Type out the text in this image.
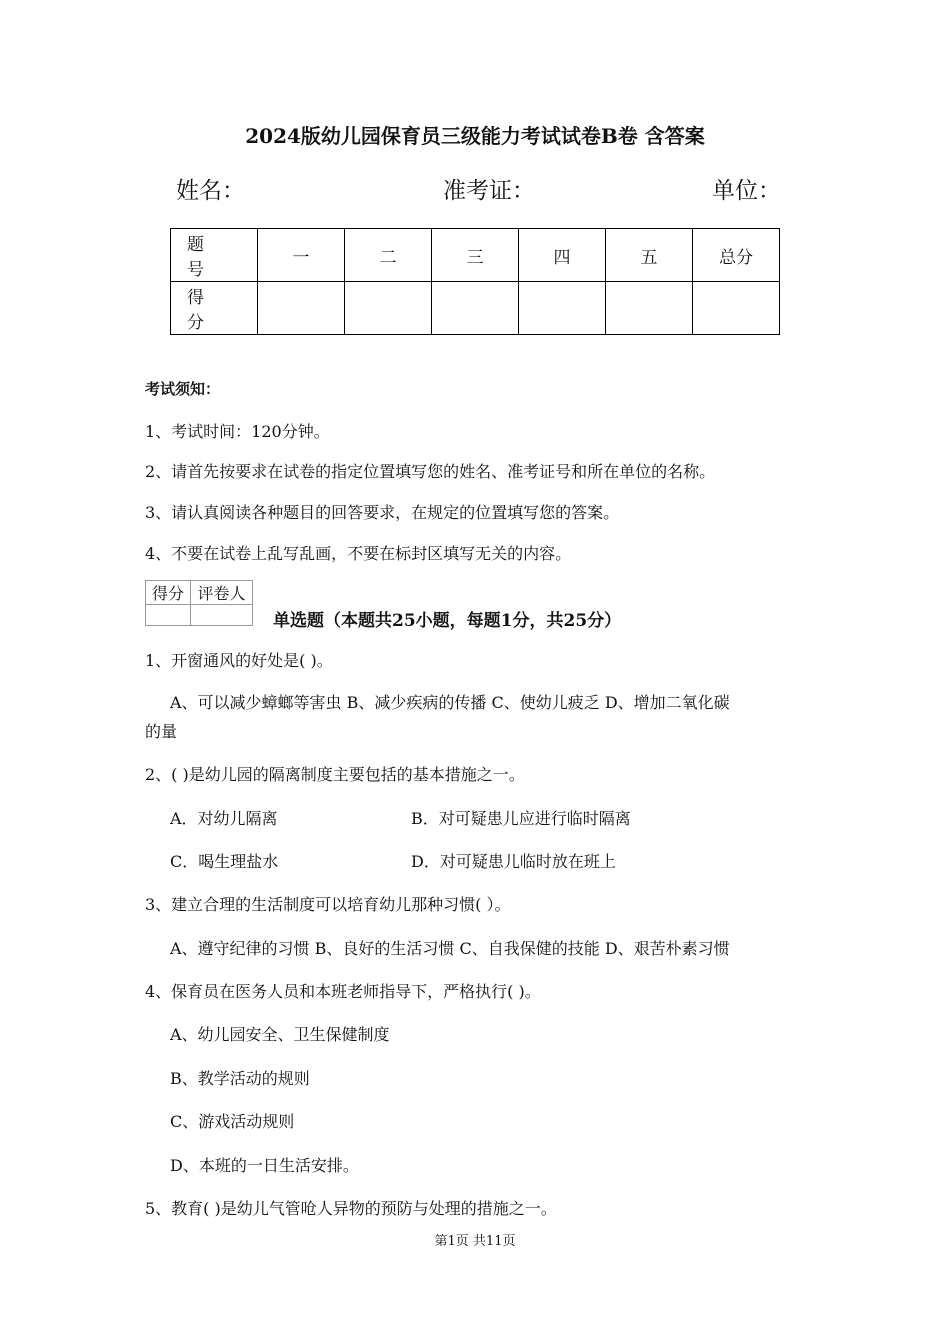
2024版幼儿园保育员三级能力考试试卷B卷 含答案
姓名：	准考证：	单位：
题 号	一	二	三	四	五	总分
得 分						
考试须知：
1、考试时间：120分钟。
2、请首先按要求在试卷的指定位置填写您的姓名、准考证号和所在单位的名称。
3、请认真阅读各种题目的回答要求，在规定的位置填写您的答案。
4、不要在试卷上乱写乱画，不要在标封区填写无关的内容。
得分	评卷人

单选题（本题共25小题，每题1分，共25分）
1、开窗通风的好处是( )。
A、可以减少蟑螂等害虫 B、减少疾病的传播 C、使幼儿疲乏 D、增加二氧化碳
的量
2、( )是幼儿园的隔离制度主要包括的基本措施之一。
A．对幼儿隔离	B．对可疑患儿应进行临时隔离
C．喝生理盐水	D．对可疑患儿临时放在班上
3、建立合理的生活制度可以培育幼儿那种习惯( ）。
A、遵守纪律的习惯 B、良好的生活习惯 C、自我保健的技能 D、艰苦朴素习惯
4、保育员在医务人员和本班老师指导下，严格执行( )。
A、幼儿园安全、卫生保健制度
B、教学活动的规则
C、游戏活动规则
D、本班的一日生活安排。
5、教育( )是幼儿气管呛人异物的预防与处理的措施之一。
第1页 共11页
